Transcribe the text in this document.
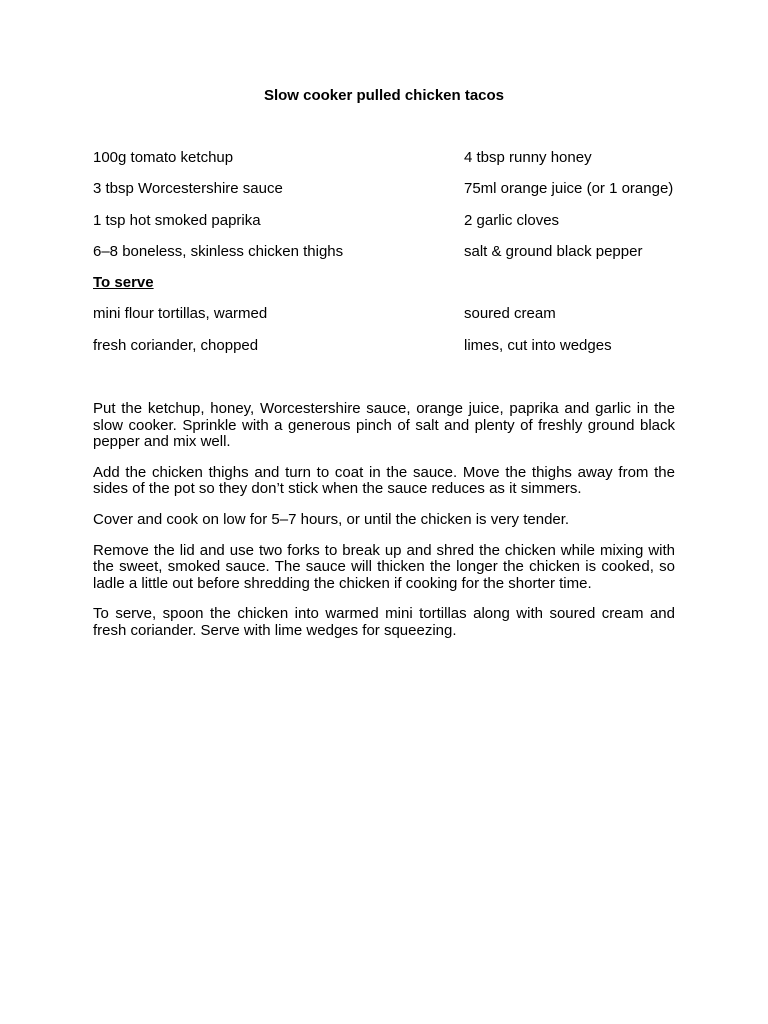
Slow cooker pulled chicken tacos
100g tomato ketchup	4 tbsp runny honey
3 tbsp Worcestershire sauce	75ml orange juice (or 1 orange)
1 tsp hot smoked paprika	2 garlic cloves
6–8 boneless, skinless chicken thighs	salt & ground black pepper
To serve
mini flour tortillas, warmed	soured cream
fresh coriander, chopped	limes, cut into wedges

Put the ketchup, honey, Worcestershire sauce, orange juice, paprika and garlic in the slow cooker. Sprinkle with a generous pinch of salt and plenty of freshly ground black pepper and mix well.

Add the chicken thighs and turn to coat in the sauce. Move the thighs away from the sides of the pot so they don’t stick when the sauce reduces as it simmers.

Cover and cook on low for 5–7 hours, or until the chicken is very tender.

Remove the lid and use two forks to break up and shred the chicken while mixing with the sweet, smoked sauce. The sauce will thicken the longer the chicken is cooked, so ladle a little out before shredding the chicken if cooking for the shorter time.

To serve, spoon the chicken into warmed mini tortillas along with soured cream and fresh coriander. Serve with lime wedges for squeezing.
